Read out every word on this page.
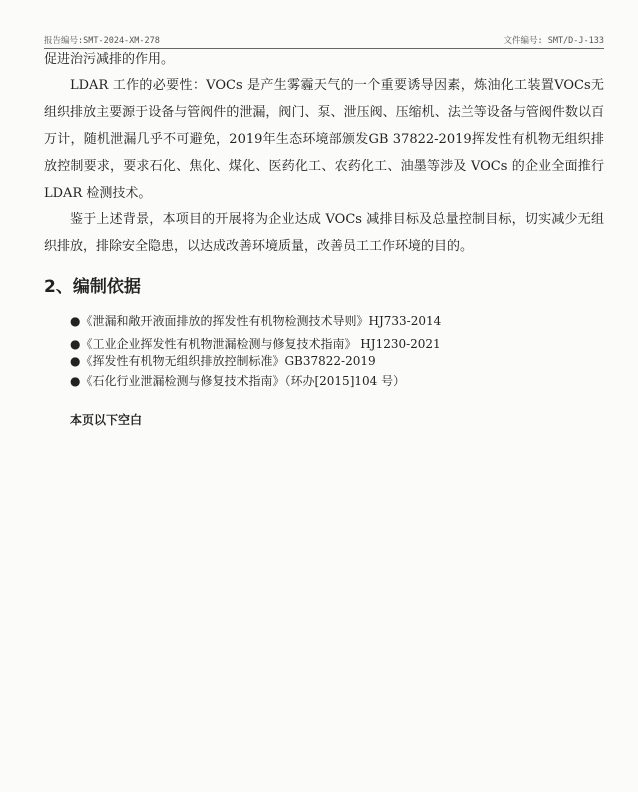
报告编号:SMT-2024-XM-278	文件编号: SMT/D-J-133
促进治污减排的作用。
LDAR 工作的必要性：VOCs 是产生雾霾天气的一个重要诱导因素，炼油化工装置VOCs无组织排放主要源于设备与管阀件的泄漏，阀门、泵、泄压阀、压缩机、法兰等设备与管阀件数以百万计，随机泄漏几乎不可避免，2019年生态环境部颁发GB 37822-2019挥发性有机物无组织排放控制要求，要求石化、焦化、煤化、医药化工、农药化工、油墨等涉及 VOCs 的企业全面推行 LDAR 检测技术。
鉴于上述背景，本项目的开展将为企业达成 VOCs 减排目标及总量控制目标，切实减少无组织排放，排除安全隐患，以达成改善环境质量，改善员工工作环境的目的。
2、编制依据
●《泄漏和敞开液面排放的挥发性有机物检测技术导则》HJ733-2014
●《工业企业挥发性有机物泄漏检测与修复技术指南》 HJ1230-2021
●《挥发性有机物无组织排放控制标准》GB37822-2019
●《石化行业泄漏检测与修复技术指南》（环办[2015]104 号）
本页以下空白
